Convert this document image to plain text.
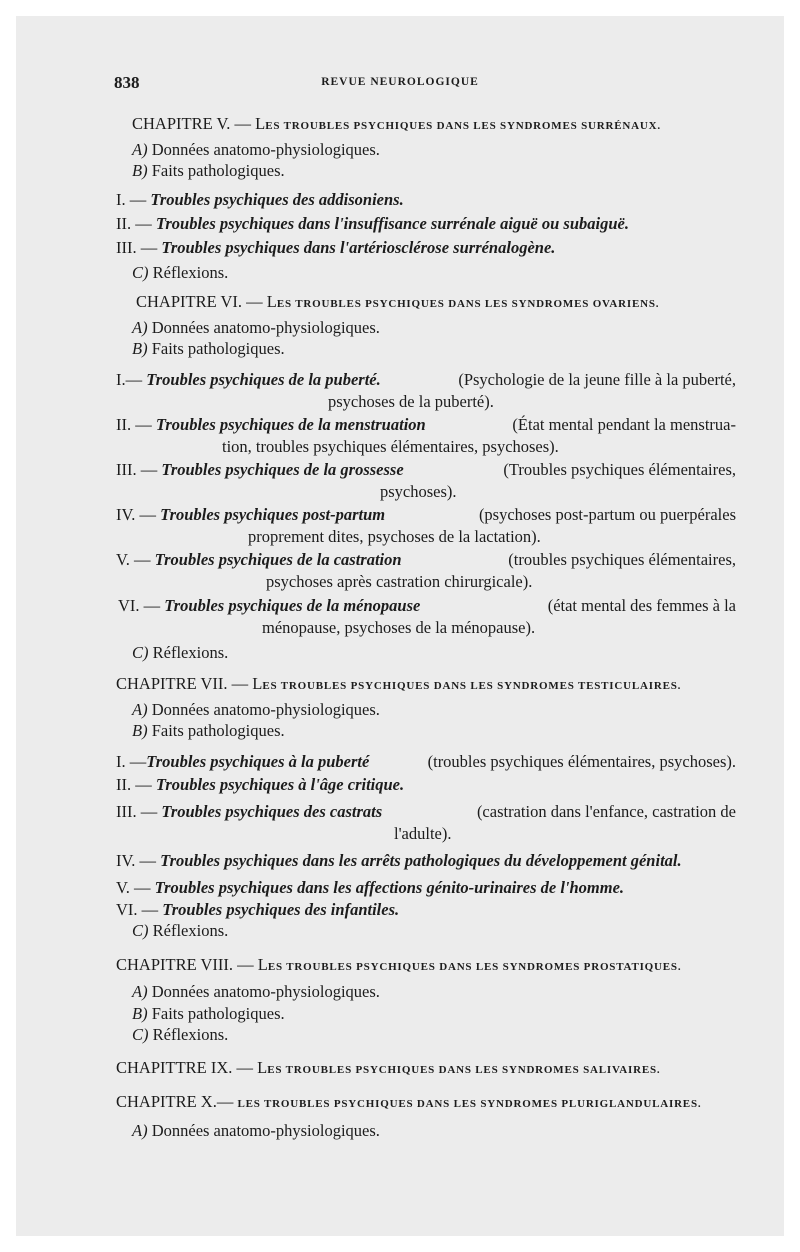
838	REVUE NEUROLOGIQUE
CHAPITRE V. — LES TROUBLES PSYCHIQUES DANS LES SYNDROMES SURRÉNAUX.
A) Données anatomo-physiologiques.
B) Faits pathologiques.
I. — Troubles psychiques des addisoniens.
II. — Troubles psychiques dans l'insuffisance surrénale aiguë ou subaiguë.
III. — Troubles psychiques dans l'artériosclérose surrénalogène.
C) Réflexions.
CHAPITRE VI. — LES TROUBLES PSYCHIQUES DANS LES SYNDROMES OVARIENS.
A) Données anatomo-physiologiques.
B) Faits pathologiques.
I.— Troubles psychiques de la puberté.	(Psychologie de la jeune fille à la puberté,
psychoses de la puberté).
II. — Troubles psychiques de la menstruation	(État mental pendant la menstrua-
tion, troubles psychiques élémentaires, psychoses).
III. — Troubles psychiques de la grossesse	(Troubles psychiques élémentaires,
psychoses).
IV. — Troubles psychiques post-partum	(psychoses post-partum ou puerpérales
proprement dites, psychoses de la lactation).
V. — Troubles psychiques de la castration	(troubles psychiques élémentaires,
psychoses après castration chirurgicale).
VI. — Troubles psychiques de la ménopause	(état mental des femmes à la
ménopause, psychoses de la ménopause).
C) Réflexions.
CHAPITRE VII. — LES TROUBLES PSYCHIQUES DANS LES SYNDROMES TESTICULAIRES.
A) Données anatomo-physiologiques.
B) Faits pathologiques.
I. —Troubles psychiques à la puberté	(troubles psychiques élémentaires, psychoses).
II. — Troubles psychiques à l'âge critique.
III. — Troubles psychiques des castrats	(castration dans l'enfance, castration de
l'adulte).
IV. — Troubles psychiques dans les arrêts pathologiques du développement génital.
V. — Troubles psychiques dans les affections génito-urinaires de l'homme.
VI. — Troubles psychiques des infantiles.
C) Réflexions.
CHAPITRE VIII. — LES TROUBLES PSYCHIQUES DANS LES SYNDROMES PROSTATIQUES.
A) Données anatomo-physiologiques.
B) Faits pathologiques.
C) Réflexions.
CHAPITTRE IX. — LES TROUBLES PSYCHIQUES DANS LES SYNDROMES SALIVAIRES.
CHAPITRE X.— LES TROUBLES PSYCHIQUES DANS LES SYNDROMES PLURIGLANDULAIRES.
A) Données anatomo-physiologiques.
